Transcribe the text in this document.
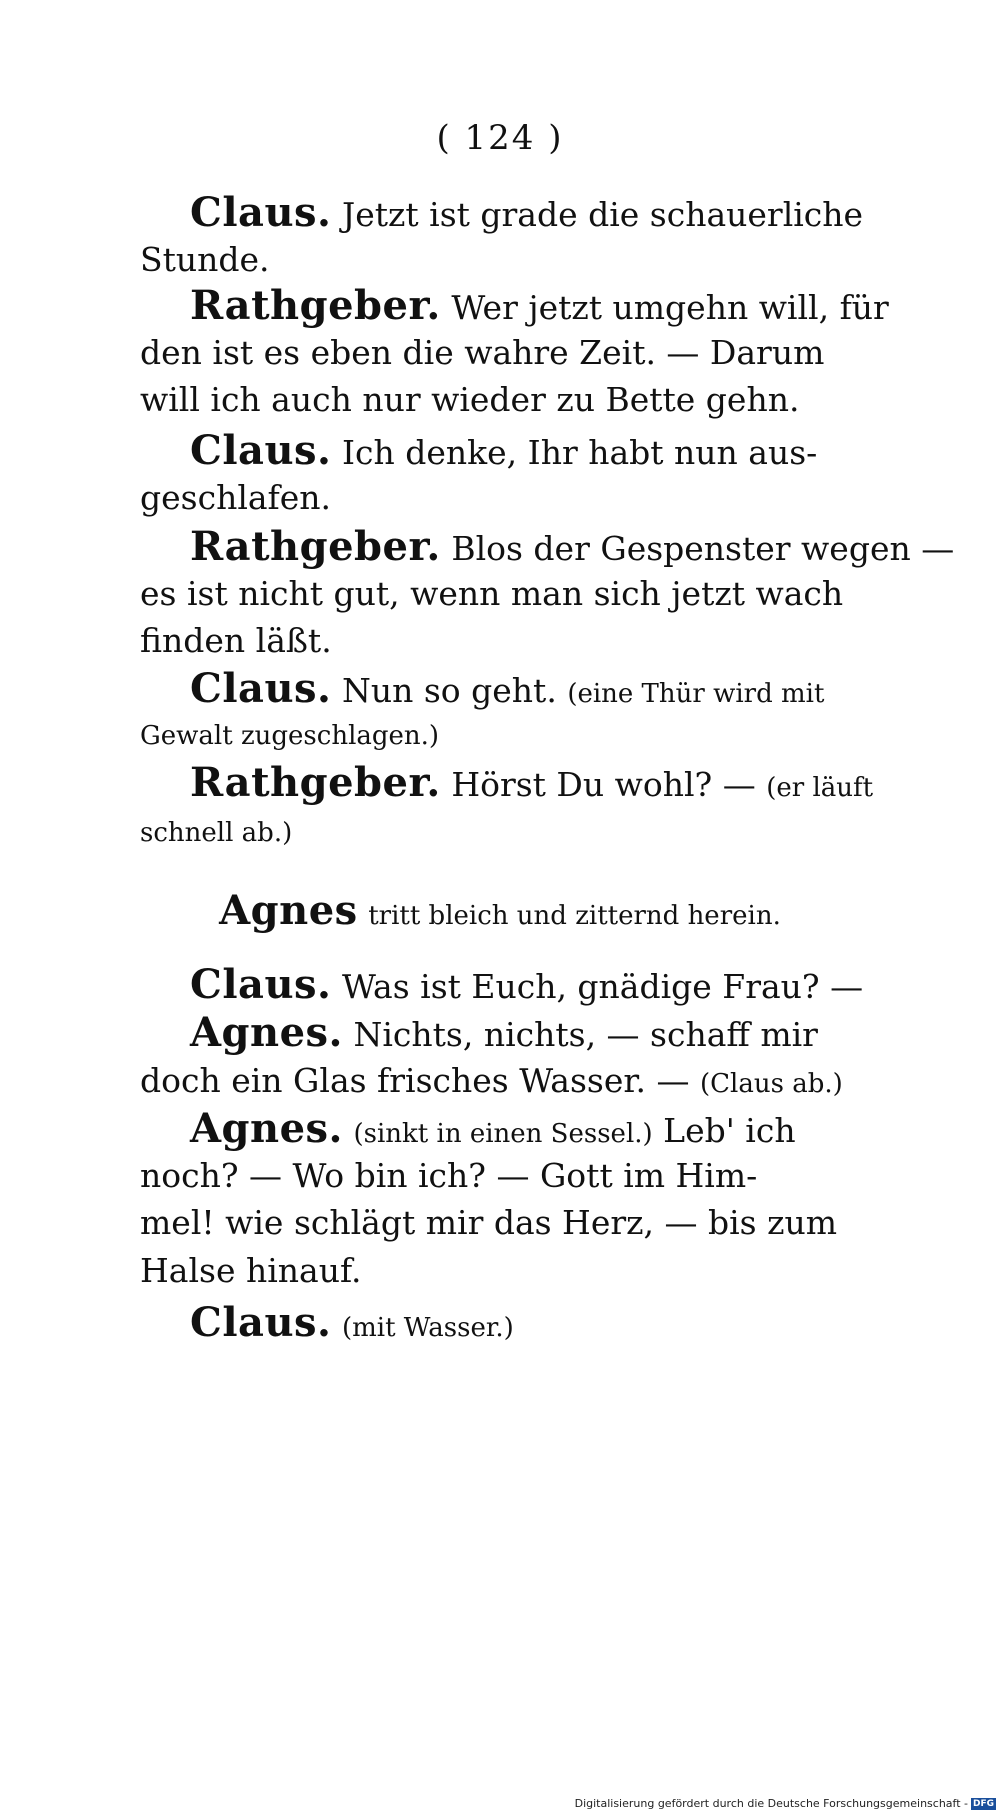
( 124 )

Claus. Jetzt ist grade die schauerliche

Stunde.

Rathgeber. Wer jetzt umgehn will, für

den ist es eben die wahre Zeit. — Darum

will ich auch nur wieder zu Bette gehn.

Claus. Ich denke, Ihr habt nun aus-

geschlafen.

Rathgeber. Blos der Gespenster wegen —

es ist nicht gut, wenn man sich jetzt wach

finden läßt.

Claus. Nun so geht. (eine Thür wird mit

Gewalt zugeschlagen.)

Rathgeber. Hörst Du wohl? — (er läuft

schnell ab.)

Agnes tritt bleich und zitternd herein.

Claus. Was ist Euch, gnädige Frau? —

Agnes. Nichts, nichts, — schaff mir

doch ein Glas frisches Wasser. — (Claus ab.)

Agnes. (sinkt in einen Sessel.) Leb' ich

noch? — Wo bin ich? — Gott im Him-

mel! wie schlägt mir das Herz, — bis zum

Halse hinauf.

Claus. (mit Wasser.)

Digitalisierung gefördert durch die Deutsche Forschungsgemeinschaft - DFG
